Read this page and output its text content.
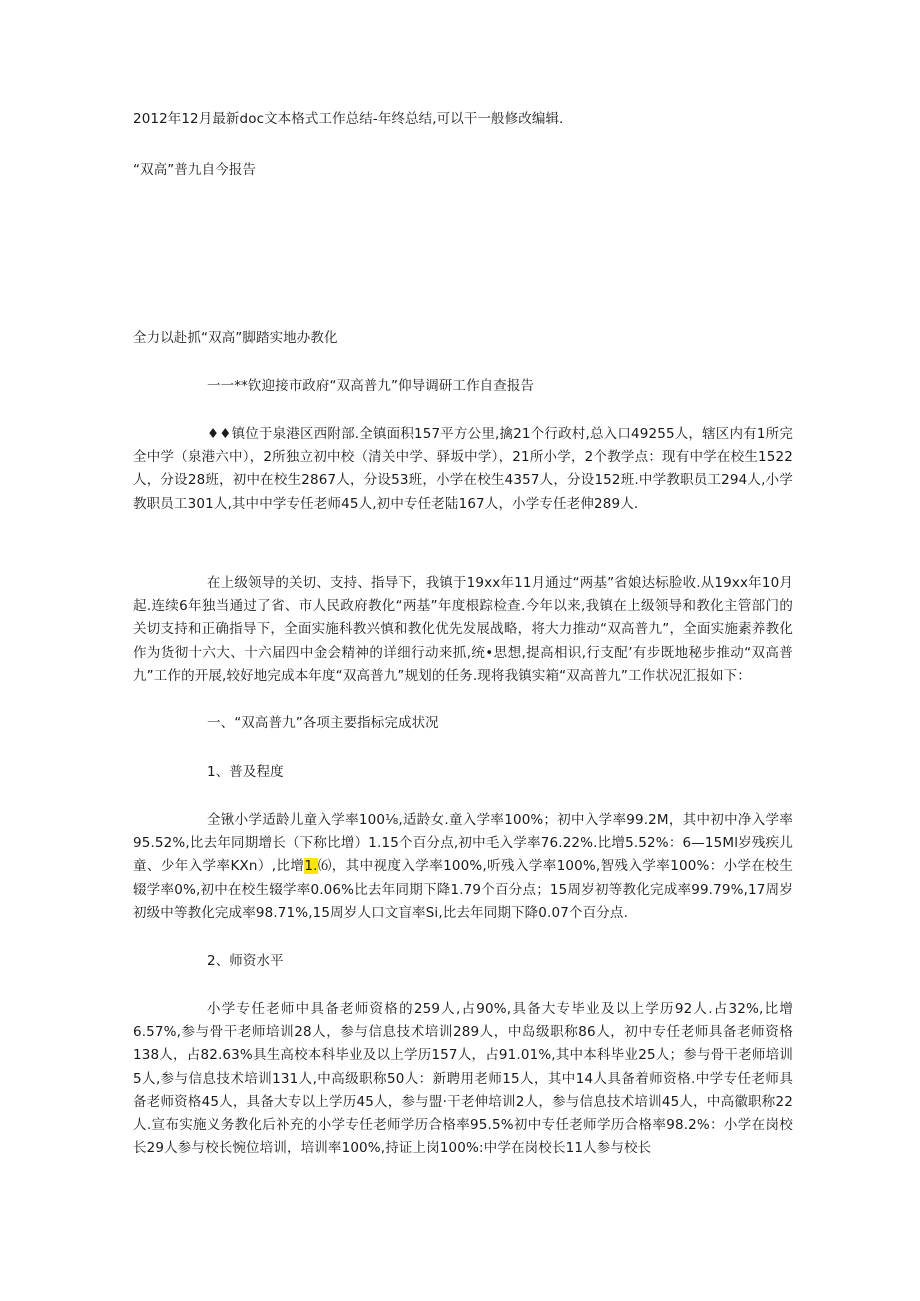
2012年12月最新doc文本格式工作总结-年终总结,可以干一般修改编辑.
“双高”普九自今报告
全力以赴抓“双高”脚踏实地办教化
一一**钦迎接市政府“双高普九”仰导调研工作自查报告
♦♦镇位于泉港区西附部.全镇面积157平方公里,擒21个行政村,总入口49255人，辖区内有1所完全中学（泉港六中），2所独立初中校（清关中学、驿坂中学），21所小学，2个教学点：现有中学在校生1522人，分设28班，初中在校生2867人，分设53班，小学在校生4357人，分设152班.中学教职员工294人,小学教职员工301人,其中中学专任老师45人,初中专任老陆167人，小学专任老伸289人.
在上级领导的关切、支持、指导下，我镇于19xx年11月通过“两基”省娘达标脸收.从19xx年10月起.连续6年独当通过了省、市人民政府教化“两基”年度根踪检查.今年以来,我镇在上级领导和教化主管部门的关切支持和正确指导下，全面实施科教兴慎和教化优先发展战略，将大力推动“双高普九”，全面实施素养教化作为货彻十六大、十六届四中金会精神的详细行动来抓,统•思想,提高相识,行支配’有步既地秘步推动“双高普九”工作的开展,较好地完成本年度“双高普九”规划的任务.现将我镇实箱“双高普九”工作状况汇报如下：
一、“双高普九”各项主要指标完成状况
1、普及程度
全锹小学适龄儿童入学率100⅛,适龄女.童入学率100%；初中入学率99.2M，其中初中净入学率95.52%,比去年同期增长（下称比增）1.15个百分点,初中毛入学率76.22%.比增5.52%：6—15Ml岁残疾儿童、少年入学率KXn）,比增1.⑹，其中视度入学率100%,听残入学率100%,智残入学率100%：小学在校生辍学率0%,初中在校生辍学率0.06%比去年同期下降1.79个百分点；15周岁初等教化完成率99.79%,17周岁初级中等教化完成率98.71%,15周岁人口文盲率Si,比去年同期下降0.07个百分点.
2、师资水平
小学专任老师中具备老师资格的259人,占90%,具备大专毕业及以上学历92人.占32%,比增6.57%,参与骨干老师培训28人，参与信息技术培训289人，中岛级职称86人，初中专任老师具备老师资格138人，占82.63%具生高校本科毕业及以上学历157人，占91.01%,其中本科毕业25人；参与骨干老师培训5人,参与信息技术培训131人,中高级职称50人：新聘用老师15人，其中14人具备着师资格.中学专任老师具备老师资格45人，具备大专以上学历45人，参与盟·干老伸培训2人，参与信息技术培训45人，中高徽职称22人.宣布实施义务教化后补充的小学专任老师学历合格率95.5%初中专任老师学历合格率98.2%：小学在岗校长29人参与校长惋位培训，培训率100%,持证上岗100%:中学在岗校长11人参与校长
